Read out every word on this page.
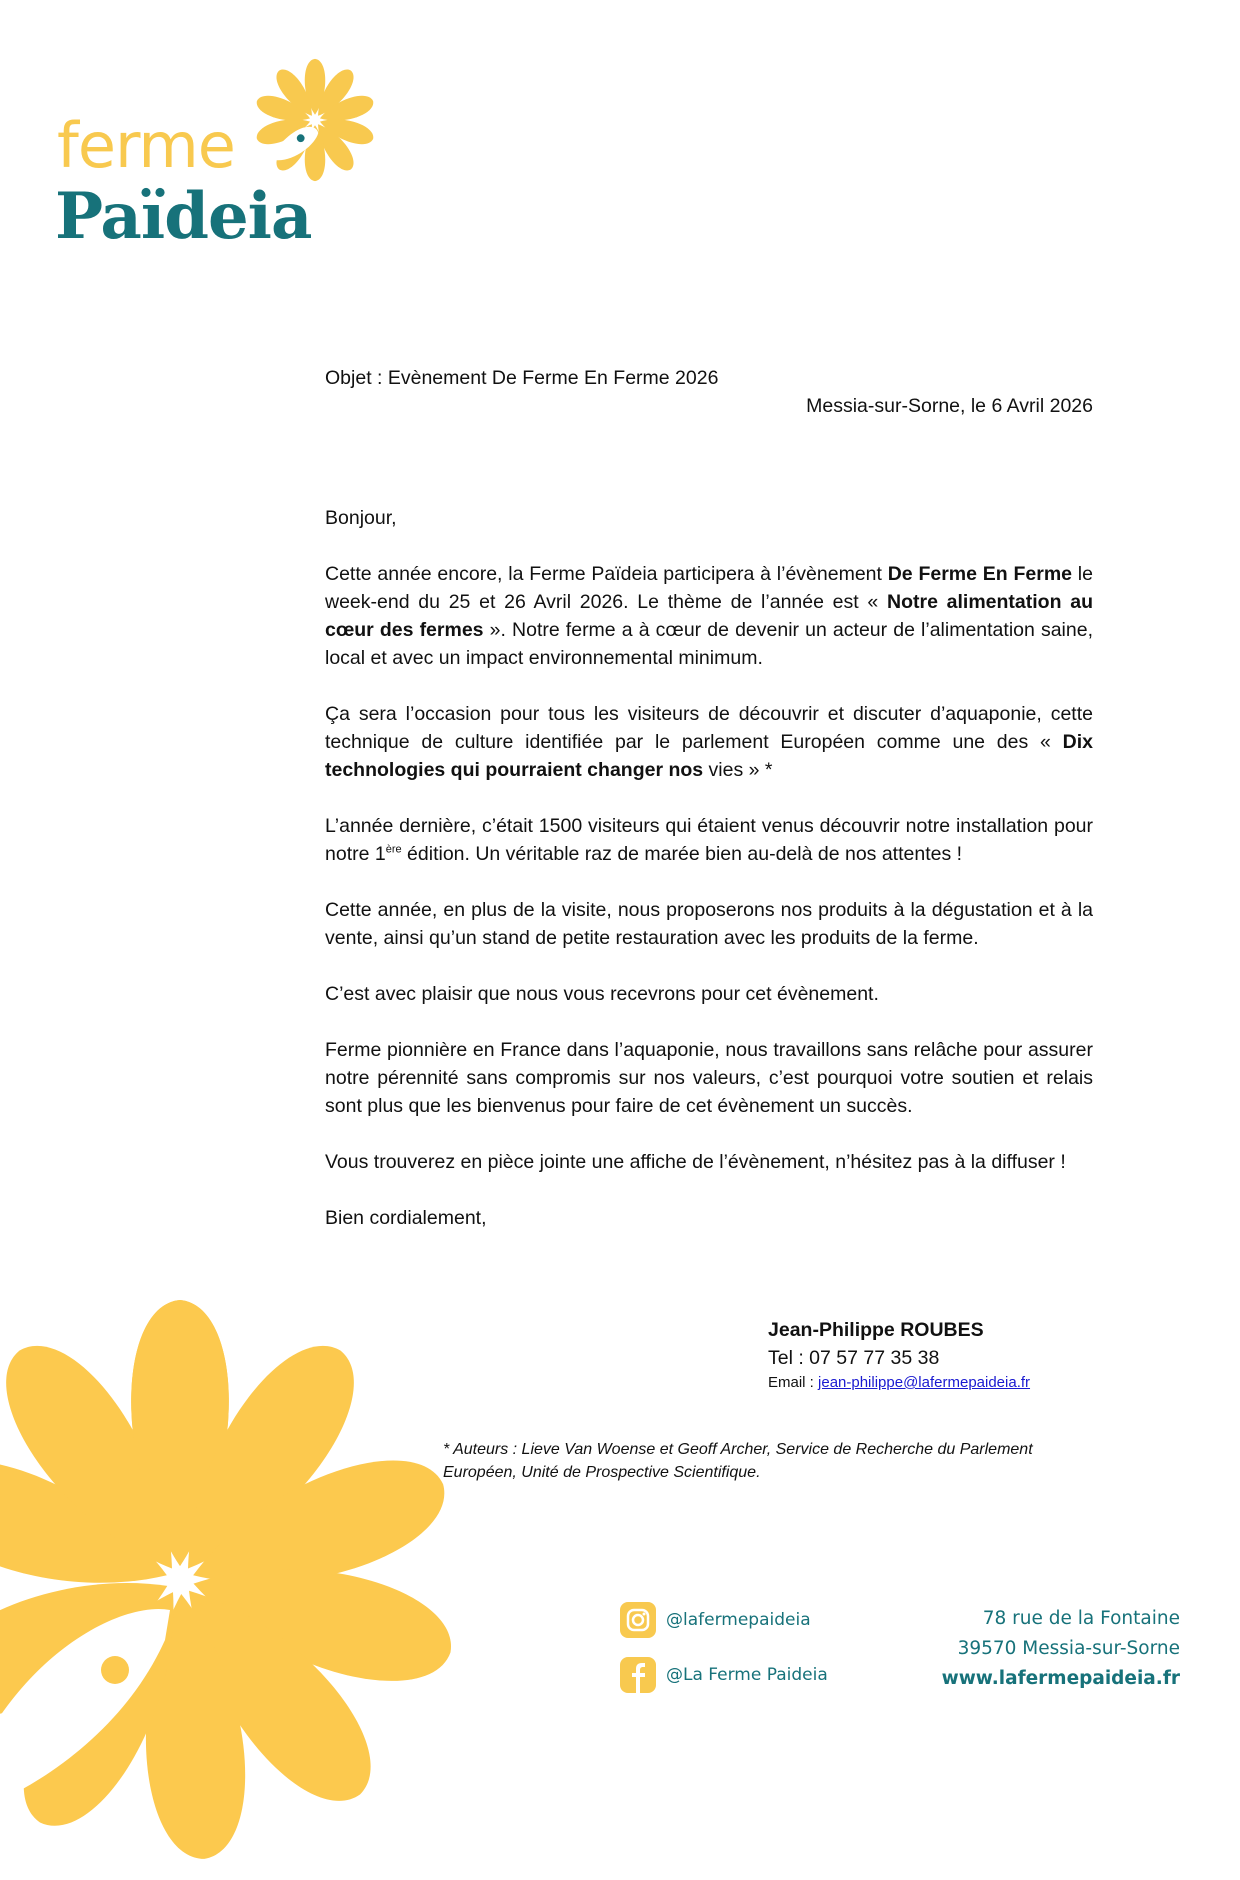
ferme
Païdeia
Objet : Evènement De Ferme En Ferme 2026
Messia-sur-Sorne, le 6 Avril 2026

Bonjour,

Cette année encore, la Ferme Païdeia participera à l’évènement De Ferme En Ferme le week-end du 25 et 26 Avril 2026. Le thème de l’année est « Notre alimentation au cœur des fermes ». Notre ferme a à cœur de devenir un acteur de l’alimentation saine, local et avec un impact environnemental minimum.

Ça sera l’occasion pour tous les visiteurs de découvrir et discuter d’aquaponie, cette technique de culture identifiée par le parlement Européen comme une des « Dix technologies qui pourraient changer nos vies » *

L’année dernière, c’était 1500 visiteurs qui étaient venus découvrir notre installation pour notre 1ère édition. Un véritable raz de marée bien au-delà de nos attentes !

Cette année, en plus de la visite, nous proposerons nos produits à la dégustation et à la vente, ainsi qu’un stand de petite restauration avec les produits de la ferme.

C’est avec plaisir que nous vous recevrons pour cet évènement.

Ferme pionnière en France dans l’aquaponie, nous travaillons sans relâche pour assurer notre pérennité sans compromis sur nos valeurs, c’est pourquoi votre soutien et relais sont plus que les bienvenus pour faire de cet évènement un succès.

Vous trouverez en pièce jointe une affiche de l’évènement, n’hésitez pas à la diffuser !

Bien cordialement,

Jean-Philippe ROUBES
Tel : 07 57 77 35 38
Email : jean-philippe@lafermepaideia.fr
* Auteurs : Lieve Van Woense et Geoff Archer, Service de Recherche du Parlement Européen, Unité de Prospective Scientifique.
@lafermepaideia
@La Ferme Paideia
78 rue de la Fontaine
39570 Messia-sur-Sorne
www.lafermepaideia.fr
